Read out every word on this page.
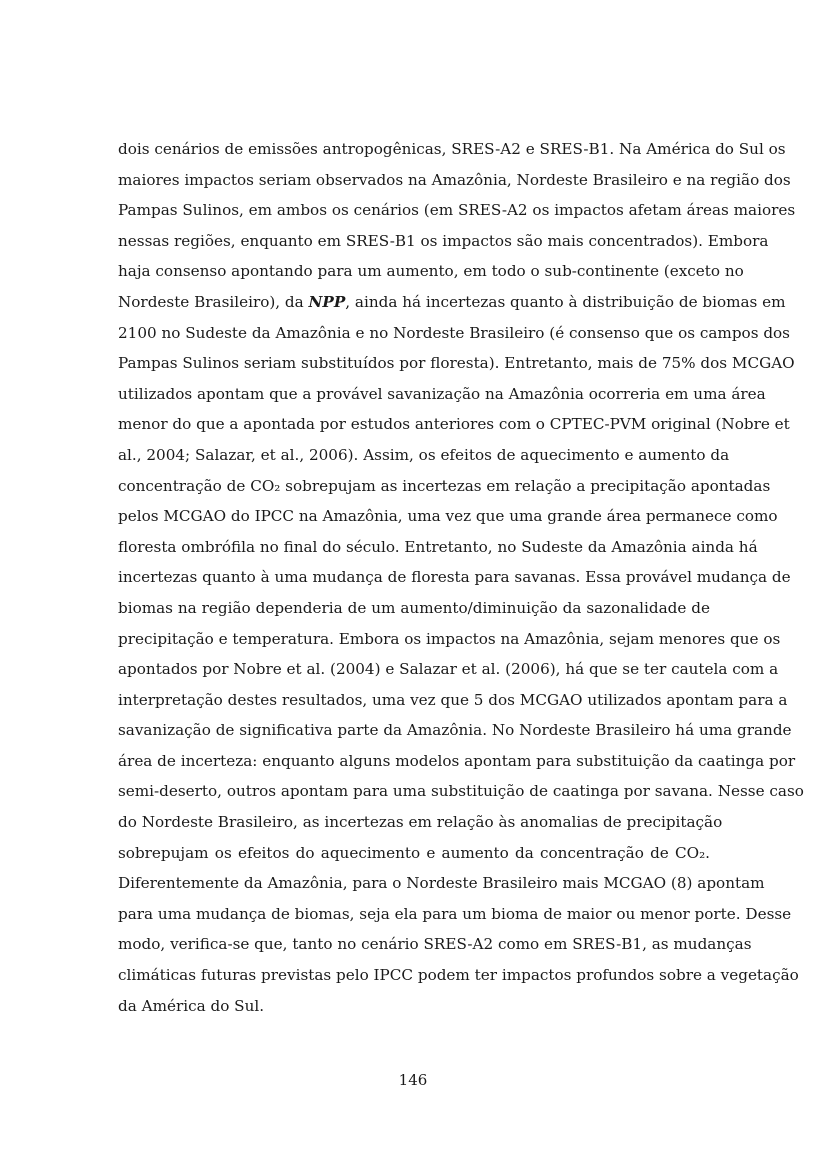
dois cenários de emissões antropogênicas, SRES-A2 e SRES-B1. Na América do Sul os
maiores impactos seriam observados na Amazônia, Nordeste Brasileiro e na região dos
Pampas Sulinos, em ambos os cenários (em SRES-A2 os impactos afetam áreas maiores
nessas regiões, enquanto em SRES-B1 os impactos são mais concentrados). Embora
haja consenso apontando para um aumento, em todo o sub-continente (exceto no
Nordeste Brasileiro), da NPP, ainda há incertezas quanto à distribuição de biomas em
2100 no Sudeste da Amazônia e no Nordeste Brasileiro (é consenso que os campos dos
Pampas Sulinos seriam substituídos por floresta). Entretanto, mais de 75% dos MCGAO
utilizados apontam que a provável savanização na Amazônia ocorreria em uma área
menor do que a apontada por estudos anteriores com o CPTEC-PVM original (Nobre et
al., 2004; Salazar, et al., 2006). Assim, os efeitos de aquecimento e aumento da
concentração de CO₂ sobrepujam as incertezas em relação a precipitação apontadas
pelos MCGAO do IPCC na Amazônia, uma vez que uma grande área permanece como
floresta ombrófila no final do século. Entretanto, no Sudeste da Amazônia ainda há
incertezas quanto à uma mudança de floresta para savanas. Essa provável mudança de
biomas na região dependeria de um aumento/diminuição da sazonalidade de
precipitação e temperatura. Embora os impactos na Amazônia, sejam menores que os
apontados por Nobre et al. (2004) e Salazar et al. (2006), há que se ter cautela com a
interpretação destes resultados, uma vez que 5 dos MCGAO utilizados apontam para a
savanização de significativa parte da Amazônia. No Nordeste Brasileiro há uma grande
área de incerteza: enquanto alguns modelos apontam para substituição da caatinga por
semi-deserto, outros apontam para uma substituição de caatinga por savana. Nesse caso
do Nordeste Brasileiro, as incertezas em relação às anomalias de precipitação
sobrepujam os efeitos do aquecimento e aumento da concentração de CO₂.
Diferentemente da Amazônia, para o Nordeste Brasileiro mais MCGAO (8) apontam
para uma mudança de biomas, seja ela para um bioma de maior ou menor porte. Desse
modo, verifica-se que, tanto no cenário SRES-A2 como em SRES-B1, as mudanças
climáticas futuras previstas pelo IPCC podem ter impactos profundos sobre a vegetação
da América do Sul.
146
